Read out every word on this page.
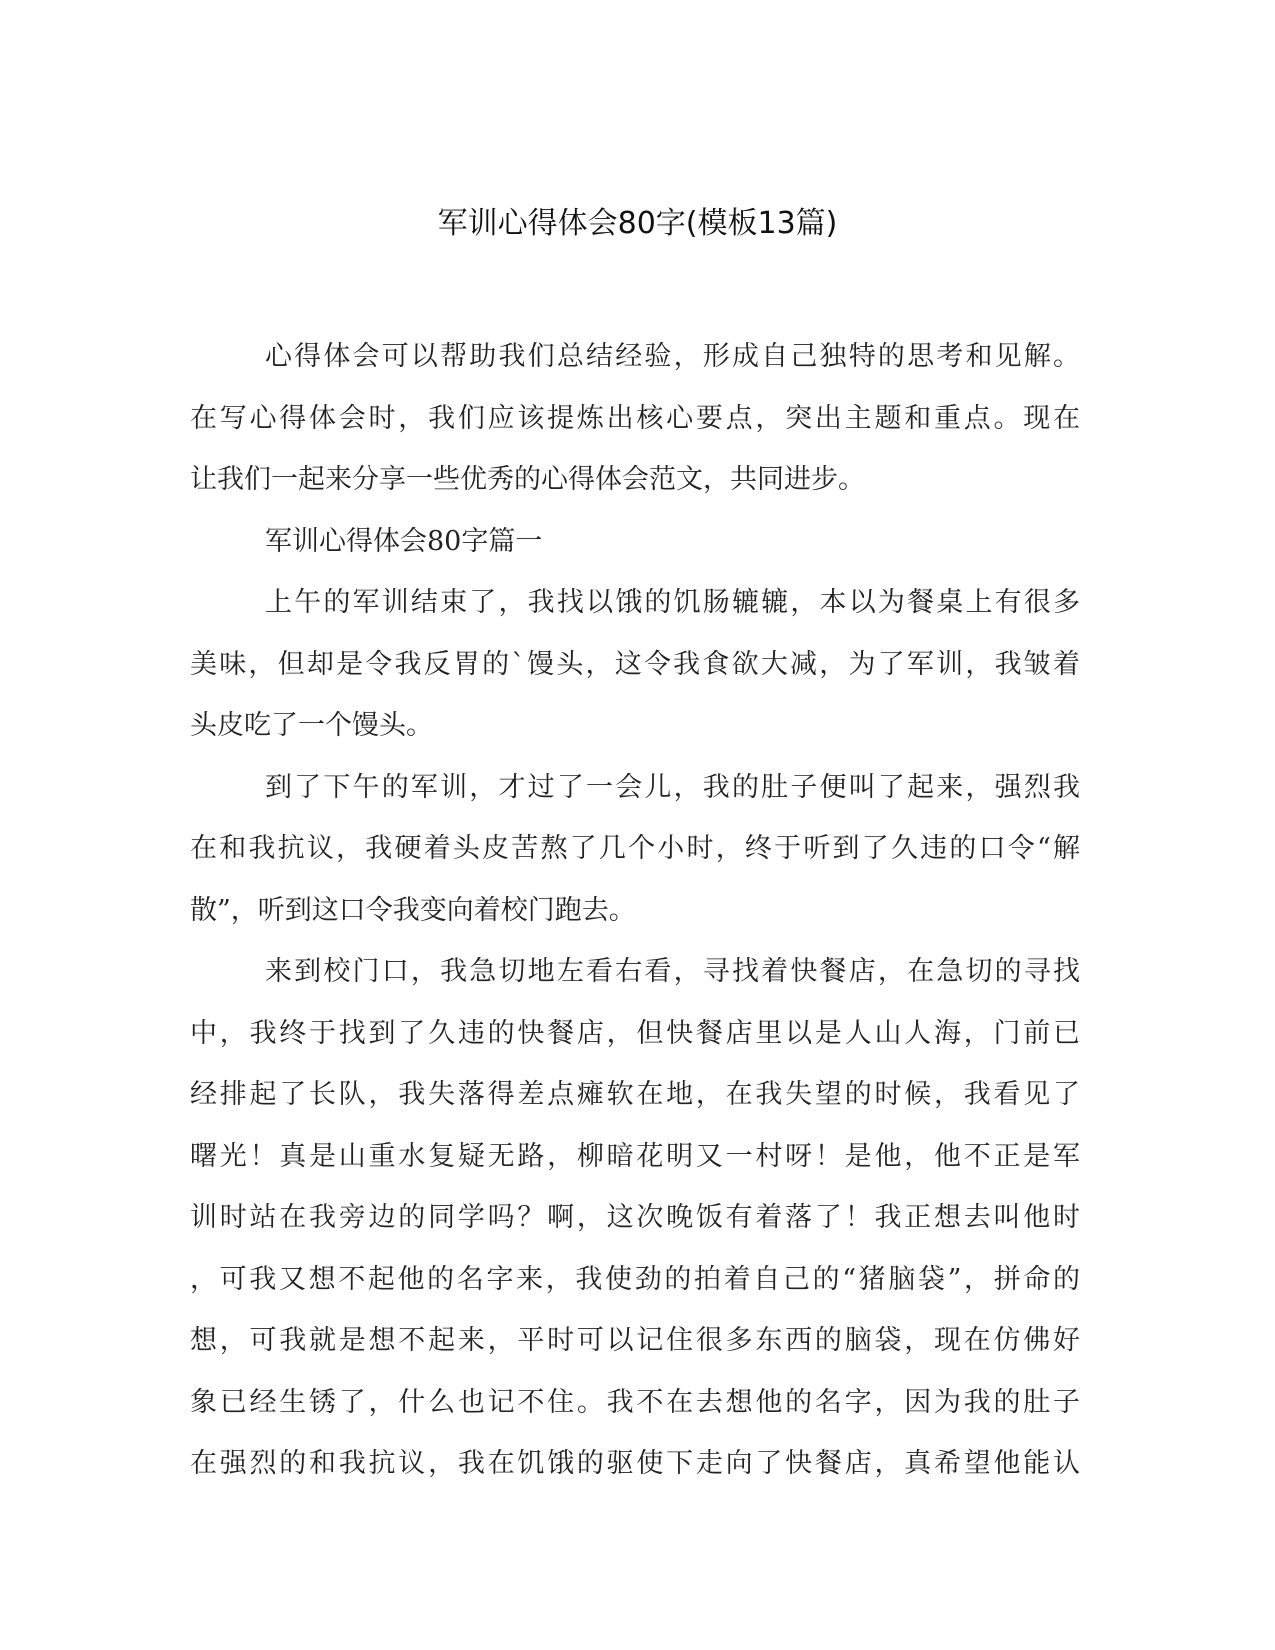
军训心得体会80字(模板13篇)
心得体会可以帮助我们总结经验，形成自己独特的思考和见解。
在写心得体会时，我们应该提炼出核心要点，突出主题和重点。现在
让我们一起来分享一些优秀的心得体会范文，共同进步。
军训心得体会80字篇一
上午的军训结束了，我找以饿的饥肠辘辘，本以为餐桌上有很多
美味，但却是令我反胃的`馒头，这令我食欲大减，为了军训，我皱着
头皮吃了一个馒头。
到了下午的军训，才过了一会儿，我的肚子便叫了起来，强烈我
在和我抗议，我硬着头皮苦熬了几个小时，终于听到了久违的口令“解
散”，听到这口令我变向着校门跑去。
来到校门口，我急切地左看右看，寻找着快餐店，在急切的寻找
中，我终于找到了久违的快餐店，但快餐店里以是人山人海，门前已
经排起了长队，我失落得差点瘫软在地，在我失望的时候，我看见了
曙光！真是山重水复疑无路，柳暗花明又一村呀！是他，他不正是军
训时站在我旁边的同学吗？啊，这次晚饭有着落了！我正想去叫他时
，可我又想不起他的名字来，我使劲的拍着自己的“猪脑袋”，拼命的
想，可我就是想不起来，平时可以记住很多东西的脑袋，现在仿佛好
象已经生锈了，什么也记不住。我不在去想他的名字，因为我的肚子
在强烈的和我抗议，我在饥饿的驱使下走向了快餐店，真希望他能认
